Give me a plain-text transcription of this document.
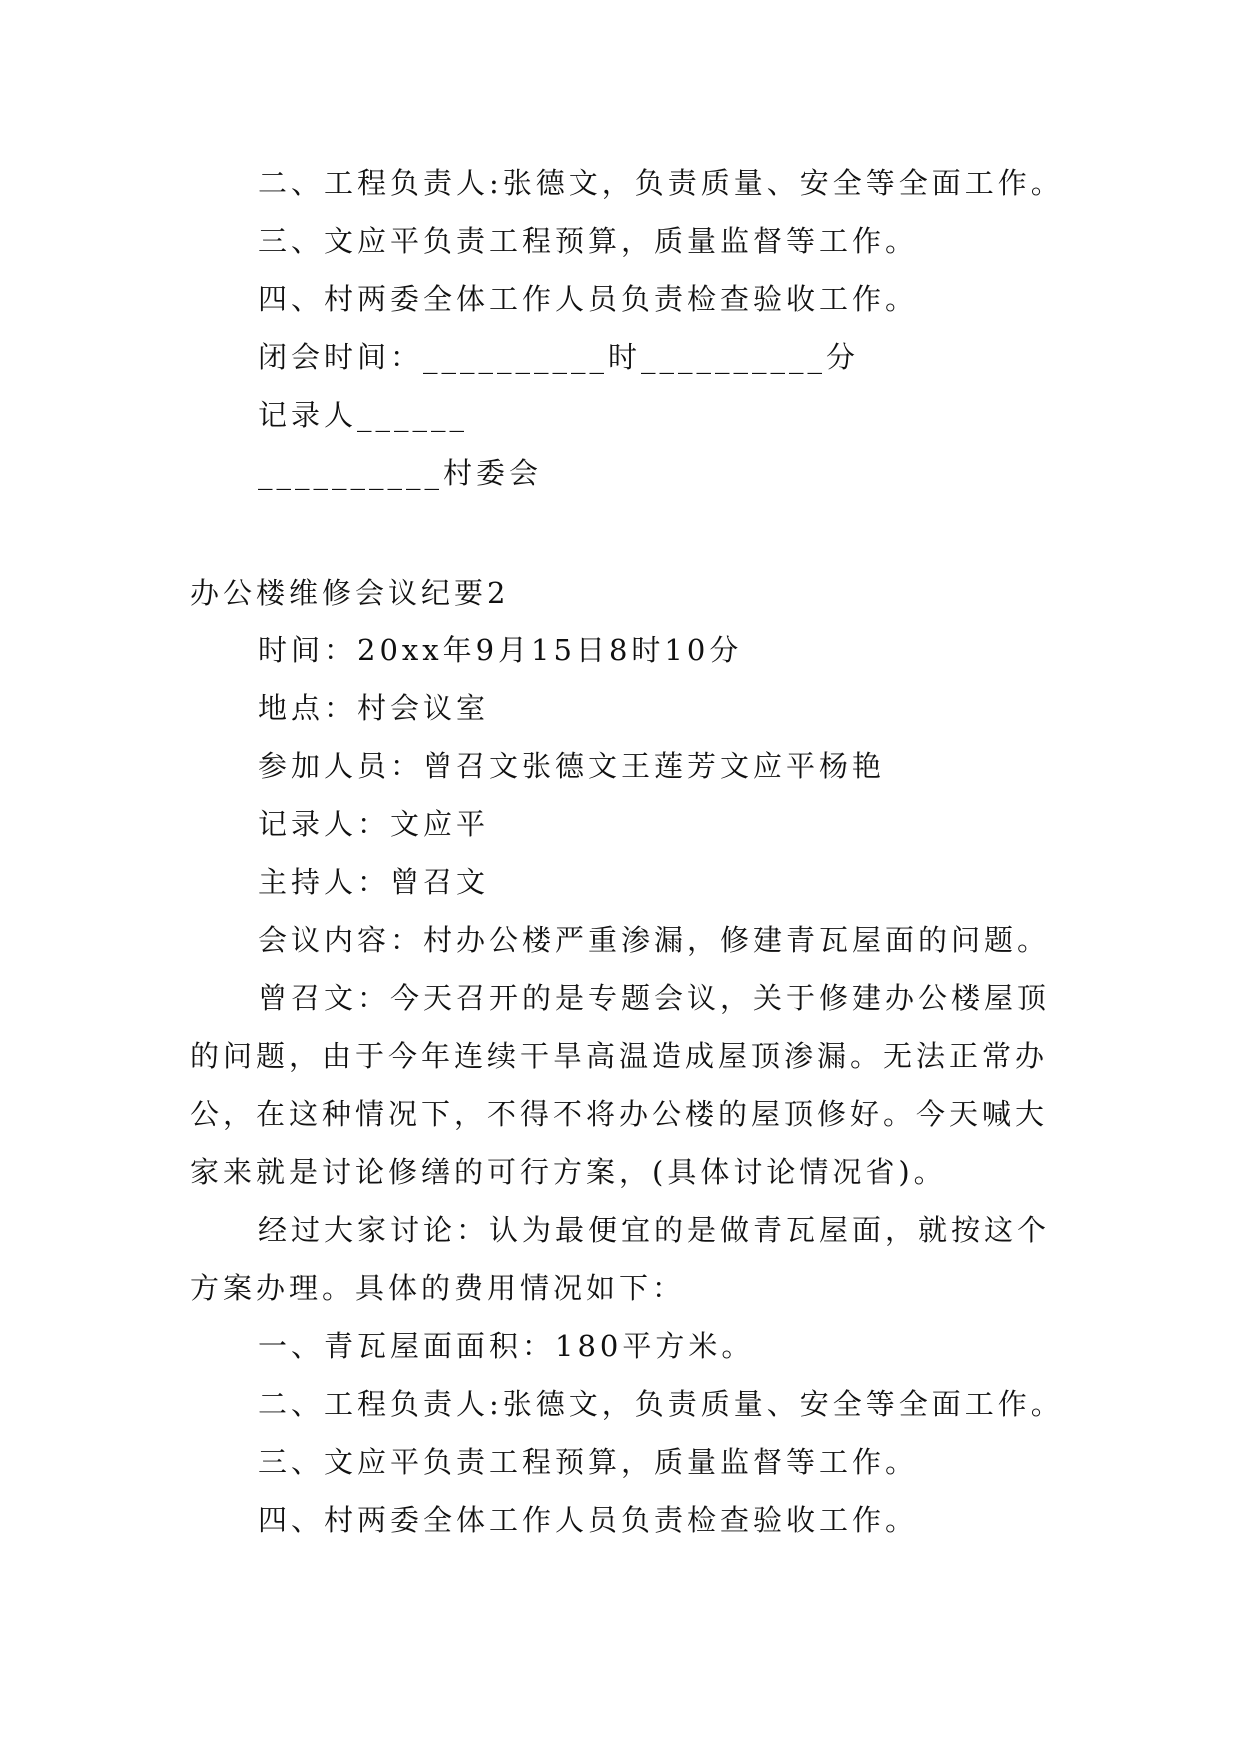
二、工程负责人:张德文，负责质量、安全等全面工作。

三、文应平负责工程预算，质量监督等工作。

四、村两委全体工作人员负责检查验收工作。

闭会时间：__________时__________分

记录人______

__________村委会

办公楼维修会议纪要2

时间：20xx年9月15日8时10分

地点：村会议室

参加人员：曾召文张德文王莲芳文应平杨艳

记录人：文应平

主持人：曾召文

会议内容：村办公楼严重渗漏，修建青瓦屋面的问题。

曾召文：今天召开的是专题会议，关于修建办公楼屋顶

的问题，由于今年连续干旱高温造成屋顶渗漏。无法正常办

公，在这种情况下，不得不将办公楼的屋顶修好。今天喊大

家来就是讨论修缮的可行方案，(具体讨论情况省)。

经过大家讨论：认为最便宜的是做青瓦屋面，就按这个

方案办理。具体的费用情况如下：

一、青瓦屋面面积：180平方米。

二、工程负责人:张德文，负责质量、安全等全面工作。

三、文应平负责工程预算，质量监督等工作。

四、村两委全体工作人员负责检查验收工作。
